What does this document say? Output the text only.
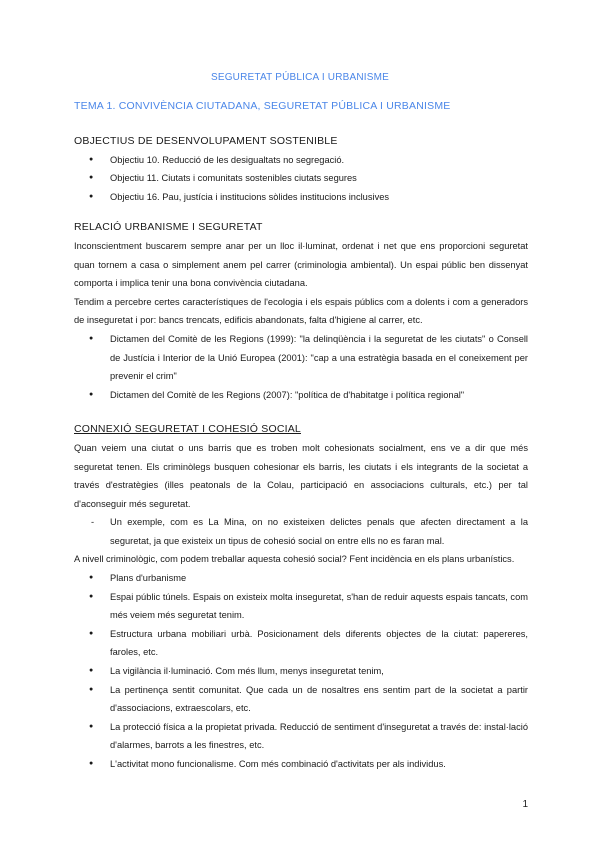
SEGURETAT PÚBLICA I URBANISME
TEMA 1. CONVIVÈNCIA CIUTADANA, SEGURETAT PÚBLICA I URBANISME
OBJECTIUS DE DESENVOLUPAMENT SOSTENIBLE
● Objectiu 10. Reducció de les desigualtats no segregació.
● Objectiu 11. Ciutats i comunitats sostenibles ciutats segures
● Objectiu 16. Pau, justícia i institucions sòlides institucions inclusives
RELACIÓ URBANISME I SEGURETAT

Inconscientment buscarem sempre anar per un lloc il·luminat, ordenat i net que ens proporcioni seguretat quan tornem a casa o simplement anem pel carrer (criminologia ambiental). Un espai públic ben dissenyat comporta i implica tenir una bona convivència ciutadana.

Tendim a percebre certes característiques de l'ecologia i els espais públics com a dolents i com a generadors de inseguretat i por: bancs trencats, edificis abandonats, falta d'higiene al carrer, etc.

● Dictamen del Comitè de les Regions (1999): "la delinqüència i la seguretat de les ciutats" o Consell de Justícia i Interior de la Unió Europea (2001): "cap a una estratègia basada en el coneixement per prevenir el crim"
● Dictamen del Comitè de les Regions (2007): "política de d'habitatge i política regional"
CONNEXIÓ SEGURETAT I COHESIÓ SOCIAL

Quan veiem una ciutat o uns barris que es troben molt cohesionats socialment, ens ve a dir que més seguretat tenen. Els criminòlegs busquen cohesionar els barris, les ciutats i els integrants de la societat a través d'estratègies (illes peatonals de la Colau, participació en associacions culturals, etc.) per tal d'aconseguir més seguretat.

- Un exemple, com es La Mina, on no existeixen delictes penals que afecten directament a la seguretat, ja que existeix un tipus de cohesió social on entre ells no es faran mal.

A nivell criminològic, com podem treballar aquesta cohesió social? Fent incidència en els plans urbanístics.

● Plans d'urbanisme
● Espai públic túnels. Espais on existeix molta inseguretat, s'han de reduir aquests espais tancats, com més veiem més seguretat tenim.
● Estructura urbana mobiliari urbà. Posicionament dels diferents objectes de la ciutat: papereres, faroles, etc.
● La vigilància il·luminació. Com més llum, menys inseguretat tenim,
● La pertinença sentit comunitat. Que cada un de nosaltres ens sentim part de la societat a partir d'associacions, extraescolars, etc.
● La protecció física a la propietat privada. Reducció de sentiment d'inseguretat a través de: instal·lació d'alarmes, barrots a les finestres, etc.
● L'activitat mono funcionalisme. Com més combinació d'activitats per als individus.
1
